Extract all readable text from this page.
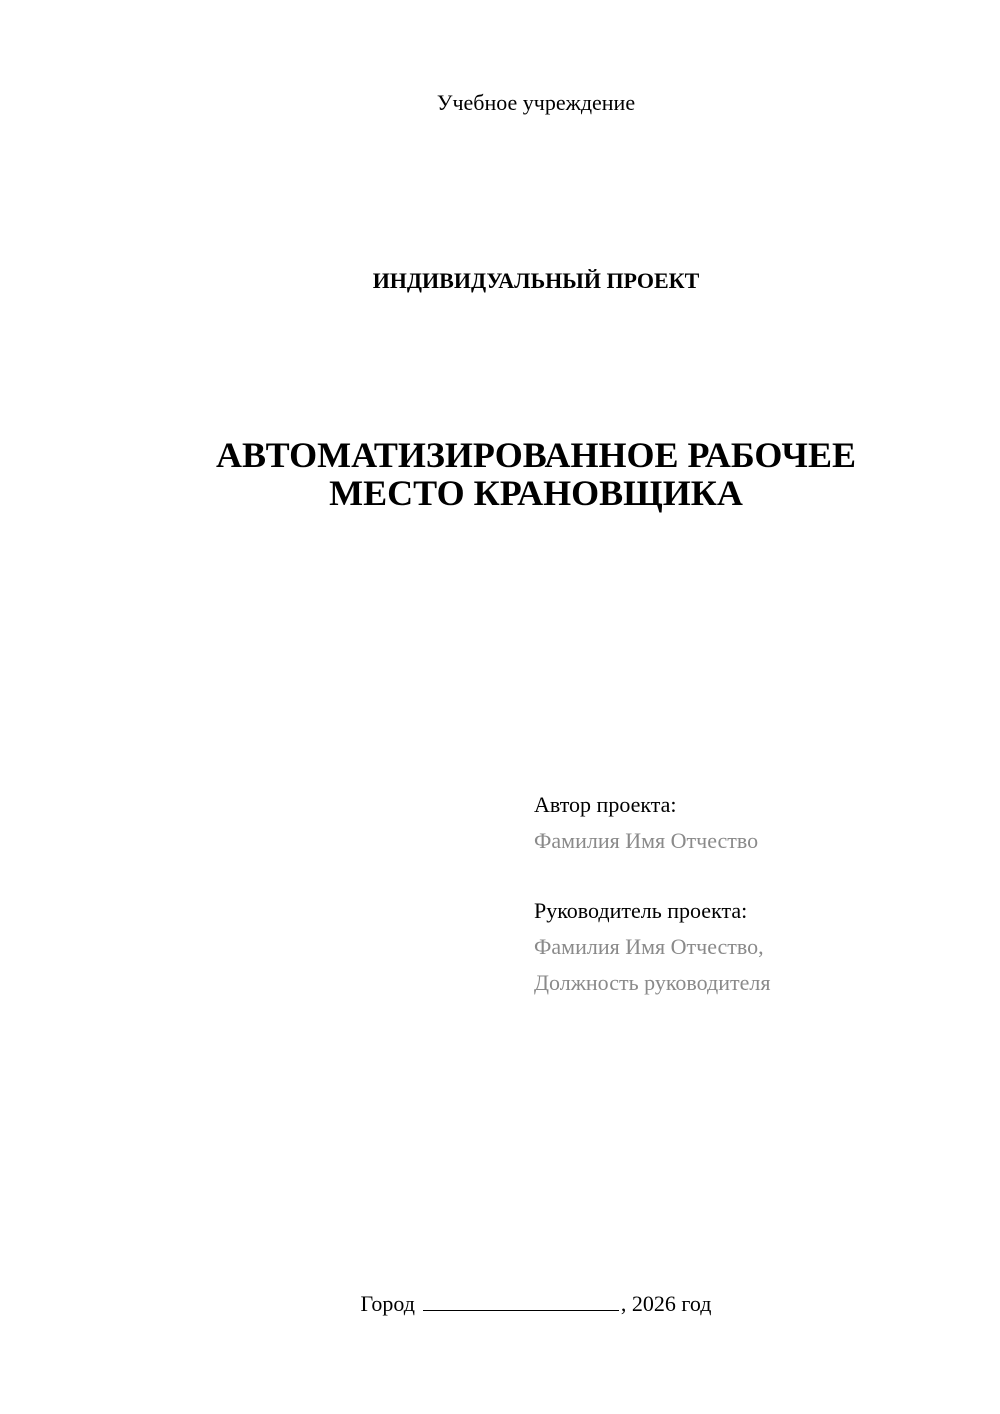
Учебное учреждение
ИНДИВИДУАЛЬНЫЙ ПРОЕКТ
АВТОМАТИЗИРОВАННОЕ РАБОЧЕЕ
МЕСТО КРАНОВЩИКА
Автор проекта:
Фамилия Имя Отчество
Руководитель проекта:
Фамилия Имя Отчество,
Должность руководителя
Город	, 2026 год
